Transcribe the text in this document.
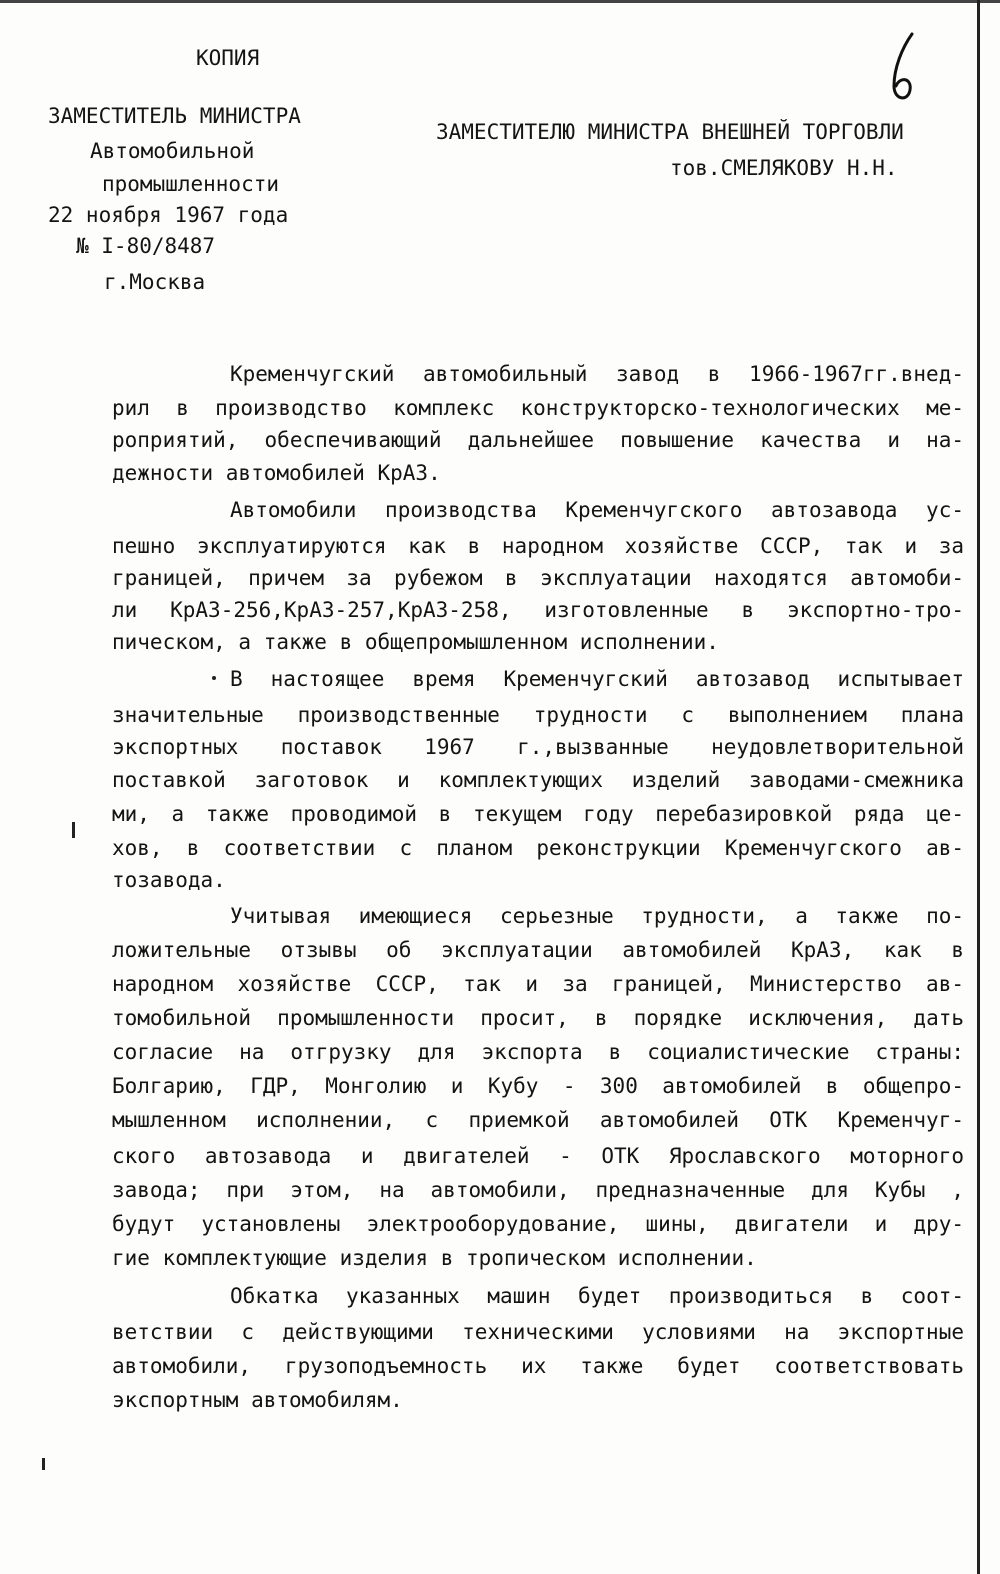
6

КОПИЯ

ЗАМЕСТИТЕЛЬ МИНИСТРА

Автомобильной

промышленности

22 ноября 1967 года

№ I-80/8487

г.Москва

ЗАМЕСТИТЕЛЮ МИНИСТРА ВНЕШНЕЙ ТОРГОВЛИ

тов.СМЕЛЯКОВУ Н.Н.

Кременчугский автомобильный завод в 1966-1967гг.внед-

рил в производство комплекс конструкторско-технологических ме-

роприятий, обеспечивающий дальнейшее повышение качества и на-

дежности автомобилей КрАЗ.

Автомобили производства Кременчугского автозавода ус-

пешно эксплуатируются как в народном хозяйстве СССР, так и за

границей, причем за рубежом в эксплуатации находятся автомоби-

ли КрАЗ-256,КрАЗ-257,КрАЗ-258, изготовленные в экспортно-тро-

пическом, а также в общепромышленном исполнении.

В настоящее время Кременчугский автозавод испытывает

значительные производственные трудности с выполнением плана

экспортных поставок 1967 г.,вызванные неудовлетворительной

поставкой заготовок и комплектующих изделий заводами-смежника

ми, а также проводимой в текущем году перебазировкой ряда це-

хов, в соответствии с планом реконструкции Кременчугского ав-

тозавода.

Учитывая имеющиеся серьезные трудности, а также по-

ложительные отзывы об эксплуатации автомобилей КрАЗ, как в

народном хозяйстве СССР, так и за границей, Министерство ав-

томобильной промышленности просит, в порядке исключения, дать

согласие на отгрузку для экспорта в социалистические страны:

Болгарию, ГДР, Монголию и Кубу - 300 автомобилей в общепро-

мышленном исполнении, с приемкой автомобилей ОТК Кременчуг-

ского автозавода и двигателей - ОТК Ярославского моторного

завода; при этом, на автомобили, предназначенные для Кубы ,

будут установлены электрооборудование, шины, двигатели и дру-

гие комплектующие изделия в тропическом исполнении.

Обкатка указанных машин будет производиться в соот-

ветствии с действующими техническими условиями на экспортные

автомобили, грузоподъемность их также будет соответствовать

экспортным автомобилям.
